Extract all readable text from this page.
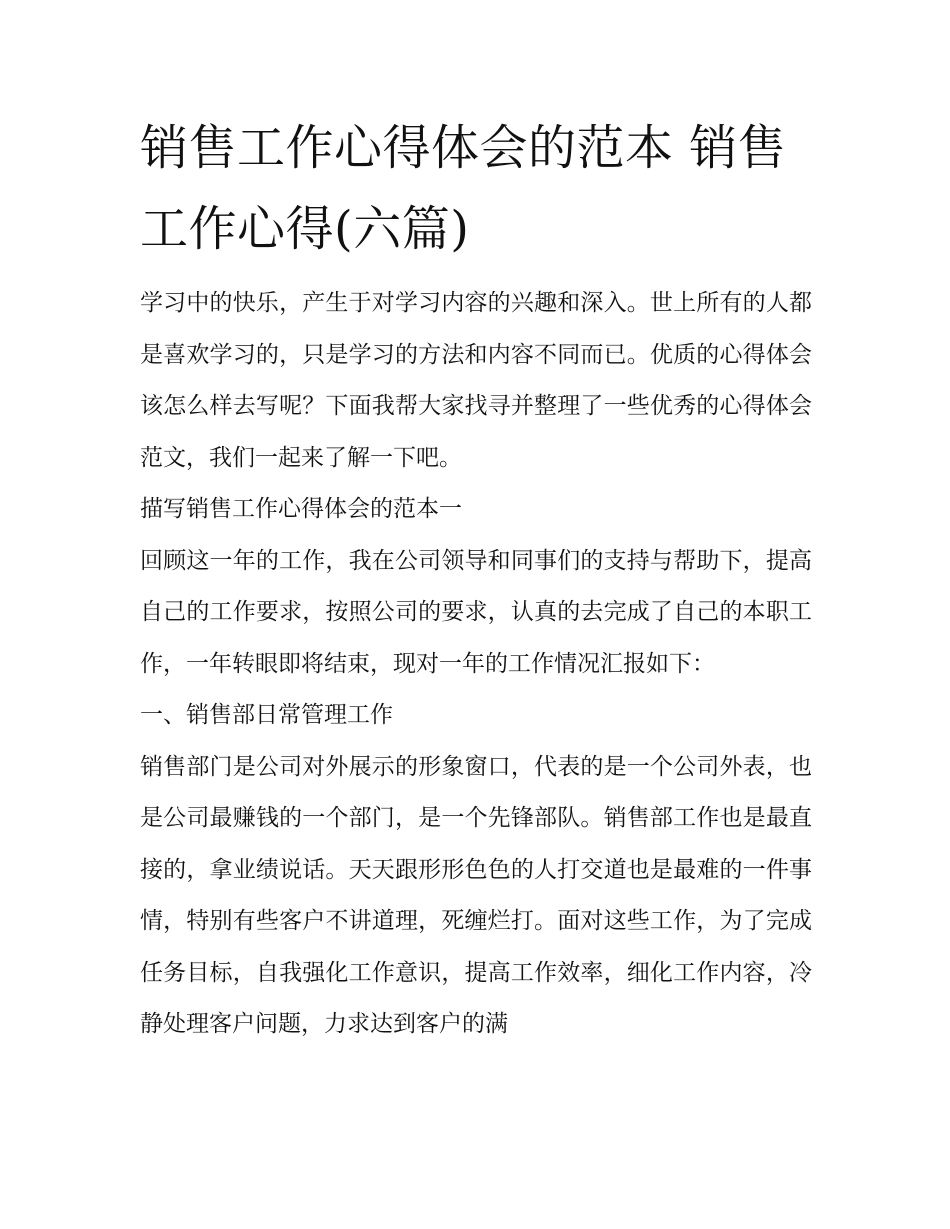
销售工作心得体会的范本 销售工作心得(六篇)

学习中的快乐，产生于对学习内容的兴趣和深入。世上所有的人都是喜欢学习的，只是学习的方法和内容不同而已。优质的心得体会该怎么样去写呢？下面我帮大家找寻并整理了一些优秀的心得体会范文，我们一起来了解一下吧。

描写销售工作心得体会的范本一

回顾这一年的工作，我在公司领导和同事们的支持与帮助下，提高自己的工作要求，按照公司的要求，认真的去完成了自己的本职工作，一年转眼即将结束，现对一年的工作情况汇报如下：

一、销售部日常管理工作

销售部门是公司对外展示的形象窗口，代表的是一个公司外表，也是公司最赚钱的一个部门，是一个先锋部队。销售部工作也是最直接的，拿业绩说话。天天跟形形色色的人打交道也是最难的一件事情，特别有些客户不讲道理，死缠烂打。面对这些工作，为了完成任务目标，自我强化工作意识，提高工作效率，细化工作内容，冷静处理客户问题，力求达到客户的满
